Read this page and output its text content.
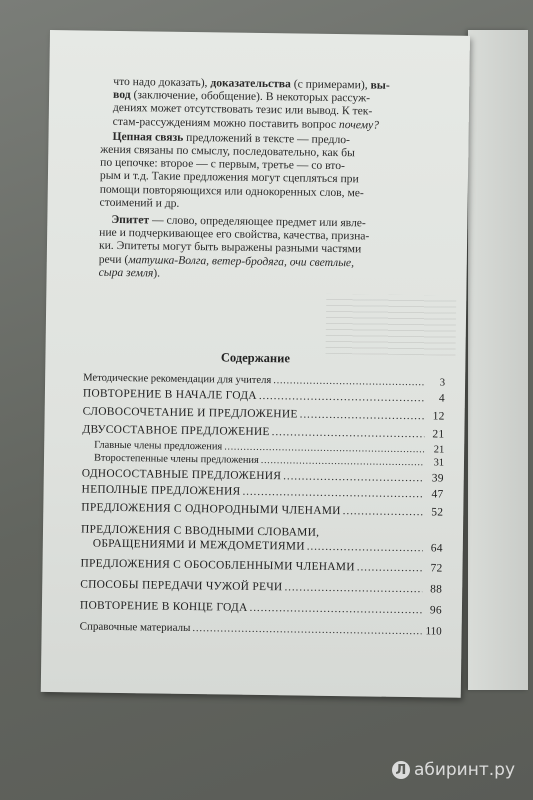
что надо доказать), доказательства (с примерами), вы-
вод (заключение, обобщение). В некоторых рассуж-
дениях может отсутствовать тезис или вывод. К тек-
стам-рассуждениям можно поставить вопрос почему?

Цепная связь предложений в тексте — предло-
жения связаны по смыслу, последовательно, как бы
по цепочке: второе — с первым, третье — со вто-
рым и т.д. Такие предложения могут сцепляться при
помощи повторяющихся или однокоренных слов, ме-
стоимений и др.

Эпитет — слово, определяющее предмет или явле-
ние и подчеркивающее его свойства, качества, призна-
ки. Эпитеты могут быть выражены разными частями
речи (матушка-Волга, ветер-бродяга, очи светлые,
сыра земля).

Содержание
Методические рекомендации для учителя . . .	3
ПОВТОРЕНИЕ В НАЧАЛЕ ГОДА . . .	4
СЛОВОСОЧЕТАНИЕ И ПРЕДЛОЖЕНИЕ . . .	12
ДВУСОСТАВНОЕ ПРЕДЛОЖЕНИЕ . . .	21
Главные члены предложения . . .	21
Второстепенные члены предложения . . .	31
ОДНОСОСТАВНЫЕ ПРЕДЛОЖЕНИЯ . . .	39
НЕПОЛНЫЕ ПРЕДЛОЖЕНИЯ . . .	47
ПРЕДЛОЖЕНИЯ С ОДНОРОДНЫМИ ЧЛЕНАМИ . . .	52
ПРЕДЛОЖЕНИЯ С ВВОДНЫМИ СЛОВАМИ,
ОБРАЩЕНИЯМИ И МЕЖДОМЕТИЯМИ . . .	64
ПРЕДЛОЖЕНИЯ С ОБОСОБЛЕННЫМИ ЧЛЕНАМИ . . .	72
СПОСОБЫ ПЕРЕДАЧИ ЧУЖОЙ РЕЧИ . . .	88
ПОВТОРЕНИЕ В КОНЦЕ ГОДА . . .	96
Справочные материалы . . .	110
Л абиринт.ру
